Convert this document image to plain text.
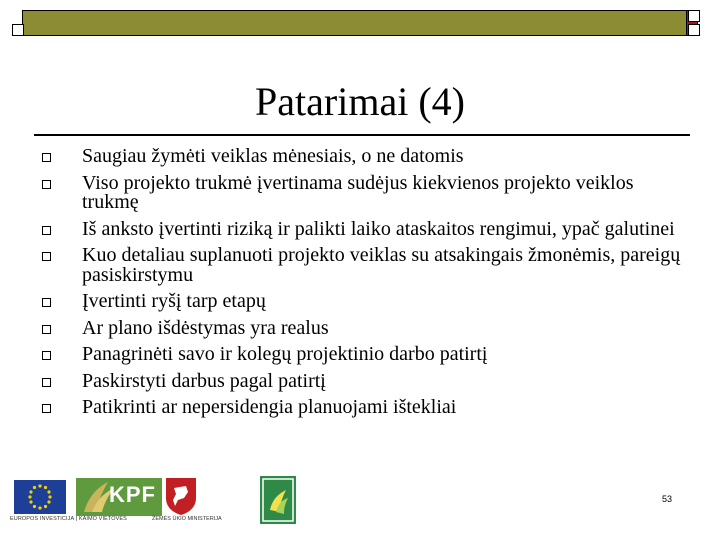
Patarimai (4)
Saugiau žymėti veiklas mėnesiais, o ne datomis
Viso projekto trukmė įvertinama sudėjus kiekvienos projekto veiklos trukmę
Iš anksto įvertinti riziką ir palikti laiko ataskaitos rengimui, ypač galutinei
Kuo detaliau suplanuoti projekto veiklas su atsakingais žmonėmis, pareigų pasiskirstymu
Įvertinti ryšį tarp etapų
Ar plano išdėstymas yra realus
Panagrinėti savo ir kolegų projektinio darbo patirtį
Paskirstyti darbus pagal patirtį
Patikrinti ar nepersidengia planuojami ištekliai
EUROPOS INVESTICIJA Į KAIMO VIETOVES
KPF
ŽEMĖS ŪKIO MINISTERIJA
53
